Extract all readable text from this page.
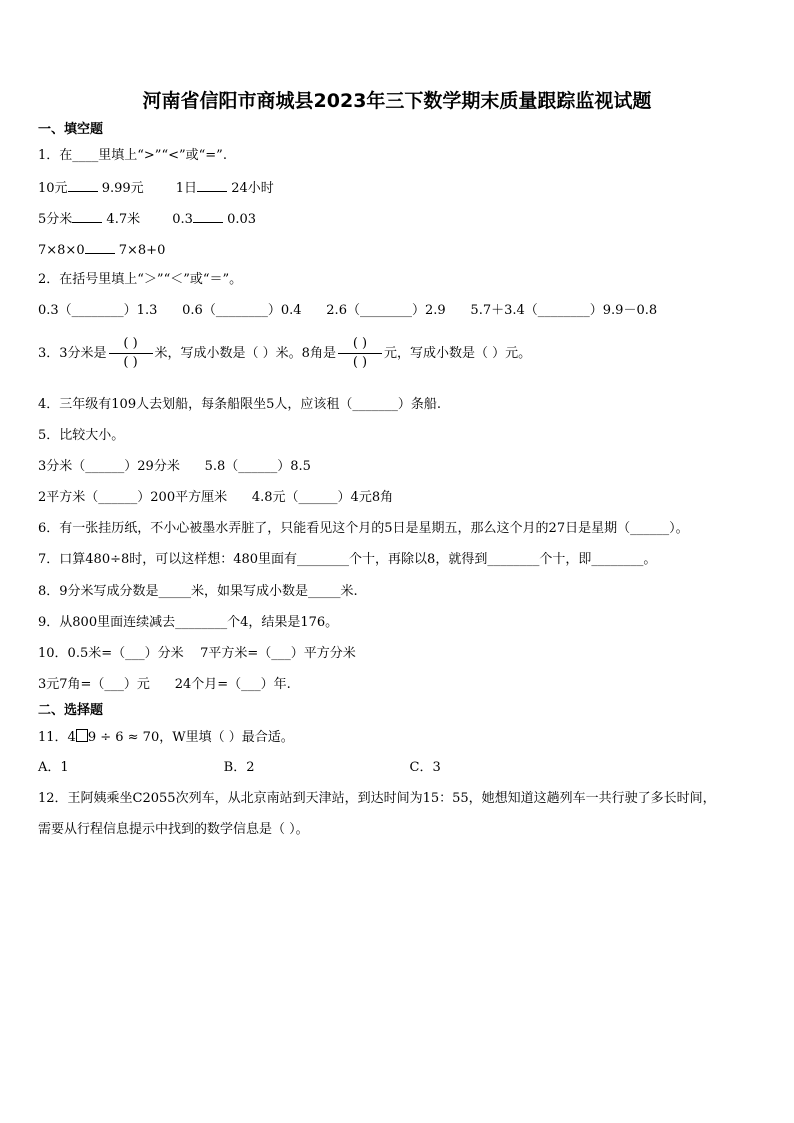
河南省信阳市商城县2023年三下数学期末质量跟踪监视试题
一、填空题
1．在____里填上“>”“<”或“=”.
10元	9.99元 1日	24小时
5分米	4.7米 0.3	0.03
7×8×0	7×8+0
2．在括号里填上“＞”“＜”或“＝”。
0.3（________）1.3      0.6（________）0.4      2.6（________）2.9      5.7＋3.4（________）9.9－0.8
3．3分米是 $\frac{( )}{( )}$ 米，写成小数是（ ）米。8角是 $\frac{( )}{( )}$ 元，写成小数是（ ）元。
4．三年级有109人去划船，每条船限坐5人，应该租（_______）条船.
5．比较大小。
3分米（______）29分米      5.8（______）8.5
2平方米（______）200平方厘米      4.8元（______）4元8角
6．有一张挂历纸，不小心被墨水弄脏了，只能看见这个月的5日是星期五，那么这个月的27日是星期（______）。
7．口算480÷8时，可以这样想：480里面有________个十，再除以8，就得到________个十，即________。
8．9分米写成分数是_____米，如果写成小数是_____米.
9．从800里面连续减去________个4，结果是176。
10．0.5米=（___）分米    7平方米=（___）平方分米
3元7角=（___）元      24个月=（___）年.
二、选择题
11．4 9 ÷ 6 ≈ 70，W里填（ ）最合适。
A．1	B．2	C．3
12．王阿姨乘坐C2055次列车，从北京南站到天津站，到达时间为15：55，她想知道这趟列车一共行驶了多长时间，
需要从行程信息提示中找到的数学信息是（ ）。
